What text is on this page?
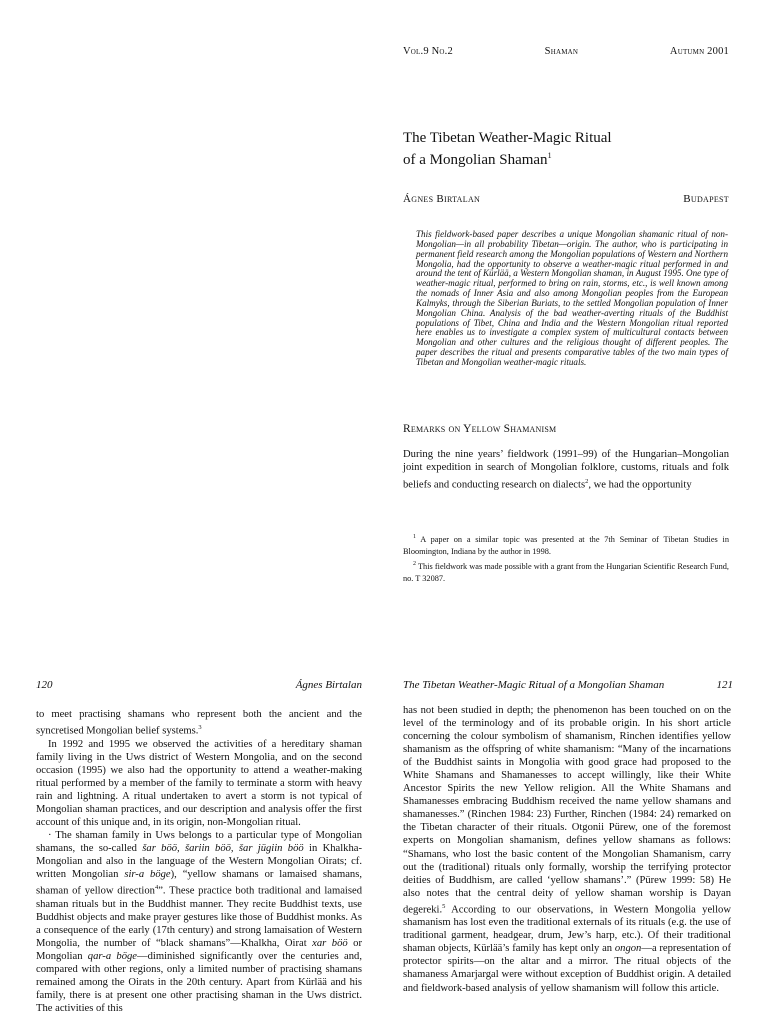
Vol.9 No.2	Shaman	Autumn 2001
The Tibetan Weather-Magic Ritual
of a Mongolian Shaman$^1$
Ágnes Birtalan	Budapest

This fieldwork-based paper describes a unique Mongolian shamanic ritual of non-Mongolian—in all probability Tibetan—origin. The author, who is participating in permanent field research among the Mongolian populations of Western and Northern Mongolia, had the opportunity to observe a weather-magic ritual performed in and around the tent of Kürlää, a Western Mongolian shaman, in August 1995. One type of weather-magic ritual, performed to bring on rain, storms, etc., is well known among the nomads of Inner Asia and also among Mongolian peoples from the European Kalmyks, through the Siberian Buriats, to the settled Mongolian population of Inner Mongolian China. Analysis of the bad weather-averting rituals of the Buddhist populations of Tibet, China and India and the Western Mongolian ritual reported here enables us to investigate a complex system of multicultural contacts between Mongolian and other cultures and the religious thought of different peoples. The paper describes the ritual and presents comparative tables of the two main types of Tibetan and Mongolian weather-magic rituals.

Remarks on Yellow Shamanism

During the nine years’ fieldwork (1991–99) of the Hungarian–Mongolian joint expedition in search of Mongolian folklore, customs, rituals and folk beliefs and conducting research on dialects$^2$, we had the opportunity

$^1$ A paper on a similar topic was presented at the 7th Seminar of Tibetan Studies in Bloomington, Indiana by the author in 1998.

$^2$ This fieldwork was made possible with a grant from the Hungarian Scientific Research Fund, no. T 32087.

120	Ágnes Birtalan

to meet practising shamans who represent both the ancient and the syncretised Mongolian belief systems.$^3$

In 1992 and 1995 we observed the activities of a hereditary shaman family living in the Uws district of Western Mongolia, and on the second occasion (1995) we also had the opportunity to attend a weather-making ritual performed by a member of the family to terminate a storm with heavy rain and lightning. A ritual undertaken to avert a storm is not typical of Mongolian shaman practices, and our description and analysis offer the first account of this unique and, in its origin, non-Mongolian ritual.

· The shaman family in Uws belongs to a particular type of Mongolian shamans, the so-called šar böö, šariin böö, šar jügiin böö in Khalkha-Mongolian and also in the language of the Western Mongolian Oirats; cf. written Mongolian sir-a böge), “yellow shamans or lamaised shamans, shaman of yellow direction$^4$”. These practice both traditional and lamaised shaman rituals but in the Buddhist manner. They recite Buddhist texts, use Buddhist objects and make prayer gestures like those of Buddhist monks. As a consequence of the early (17th century) and strong lamaisation of Western Mongolia, the number of “black shamans”—Khalkha, Oirat xar böö or Mongolian qar-a böge—diminished significantly over the centuries and, compared with other regions, only a limited number of practising shamans remained among the Oirats in the 20th century. Apart from Kürlää and his family, there is at present one other practising shaman in the Uws district. The activities of this

The Tibetan Weather-Magic Ritual of a Mongolian Shaman	121

has not been studied in depth; the phenomenon has been touched on on the level of the terminology and of its probable origin. In his short article concerning the colour symbolism of shamanism, Rinchen identifies yellow shamanism as the offspring of white shamanism: “Many of the incarnations of the Buddhist saints in Mongolia with good grace had proposed to the White Shamans and Shamanesses to accept willingly, like their White Ancestor Spirits the new Yellow religion. All the White Shamans and Shamanesses embracing Buddhism received the name yellow shamans and shamanesses.” (Rinchen 1984: 23) Further, Rinchen (1984: 24) remarked on the Tibetan character of their rituals. Otgonii Pürew, one of the foremost experts on Mongolian shamanism, defines yellow shamans as follows: “Shamans, who lost the basic content of the Mongolian Shamanism, carry out the (traditional) rituals only formally, worship the terrifying protector deities of Buddhism, are called ‘yellow shamans’.” (Pürew 1999: 58) He also notes that the central deity of yellow shaman worship is Dayan degereki.$^5$ According to our observations, in Western Mongolia yellow shamanism has lost even the traditional externals of its rituals (e.g. the use of traditional garment, headgear, drum, Jew’s harp, etc.). Of their traditional shaman objects, Kürlää’s family has kept only an ongon—a representation of protector spirits—on the altar and a mirror. The ritual objects of the shamaness Amarjargal were without exception of Buddhist origin. A detailed and fieldwork-based analysis of yellow shamanism will follow this article.
